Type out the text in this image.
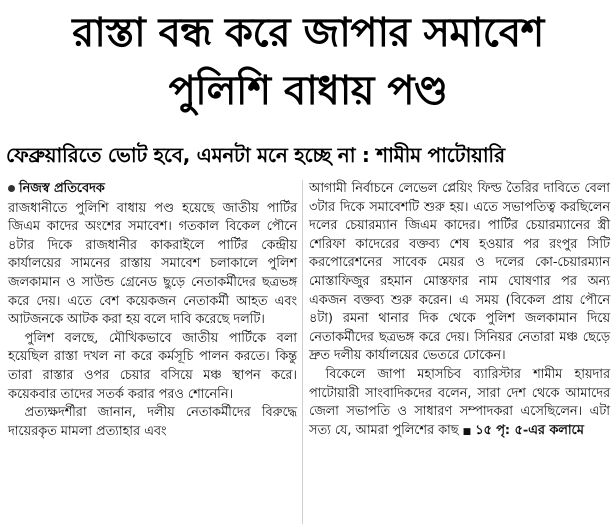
রাস্তা বন্ধ করে জাপার সমাবেশ
পুলিশি বাধায় পণ্ড
ফেব্রুয়ারিতে ভোট হবে, এমনটা মনে হচ্ছে না : শামীম পাটোয়ারি
নিজস্ব প্রতিবেদক

রাজধানীতে পুলিশি বাধায় পণ্ড হয়েছে জাতীয় পার্টির জিএম কাদের অংশের সমাবেশ। গতকাল বিকেল পৌনে ৪টার দিকে রাজধানীর কাকরাইলে পার্টির কেন্দ্রীয় কার্যালয়ের সামনের রাস্তায় সমাবেশ চলাকালে পুলিশ জলকামান ও সাউন্ড গ্রেনেড ছুড়ে নেতাকর্মীদের ছত্রভঙ্গ করে দেয়। এতে বেশ কয়েকজন নেতাকর্মী আহত এবং আটজনকে আটক করা হয় বলে দাবি করেছে দলটি।

পুলিশ বলছে, মৌখিকভাবে জাতীয় পার্টিকে বলা হয়েছিল রাস্তা দখল না করে কর্মসূচি পালন করতে। কিন্তু তারা রাস্তার ওপর চেয়ার বসিয়ে মঞ্চ স্থাপন করে। কয়েকবার তাদের সতর্ক করার পরও শোনেনি।

প্রত্যক্ষদর্শীরা জানান, দলীয় নেতাকর্মীদের বিরুদ্ধে দায়েরকৃত মামলা প্রত্যাহার এবং

আগামী নির্বাচনে লেভেল প্লেয়িং ফিল্ড তৈরির দাবিতে বেলা ৩টার দিকে সমাবেশটি শুরু হয়। এতে সভাপতিত্ব করছিলেন দলের চেয়ারম্যান জিএম কাদের। পার্টির চেয়ারম্যানের স্ত্রী শেরিফা কাদেরের বক্তব্য শেষ হওয়ার পর রংপুর সিটি করপোরেশনের সাবেক মেয়র ও দলের কো-চেয়ারম্যান মোস্তাফিজুর রহমান মোস্তফার নাম ঘোষণার পর অন্য একজন বক্তব্য শুরু করেন। এ সময় (বিকেল প্রায় পৌনে ৪টা) রমনা থানার দিক থেকে পুলিশ জলকামান দিয়ে নেতাকর্মীদের ছত্রভঙ্গ করে দেয়। সিনিয়র নেতারা মঞ্চ ছেড়ে দ্রুত দলীয় কার্যালয়ের ভেতরে ঢোকেন।

বিকেলে জাপা মহাসচিব ব্যারিস্টার শামীম হায়দার পাটোয়ারী সাংবাদিকদের বলেন, সারা দেশ থেকে আমাদের জেলা সভাপতি ও সাধারণ সম্পাদকরা এসেছিলেন। এটা সত্য যে, আমরা পুলিশের কাছ ■ ১৫ পৃ: ৫-এর কলামে
